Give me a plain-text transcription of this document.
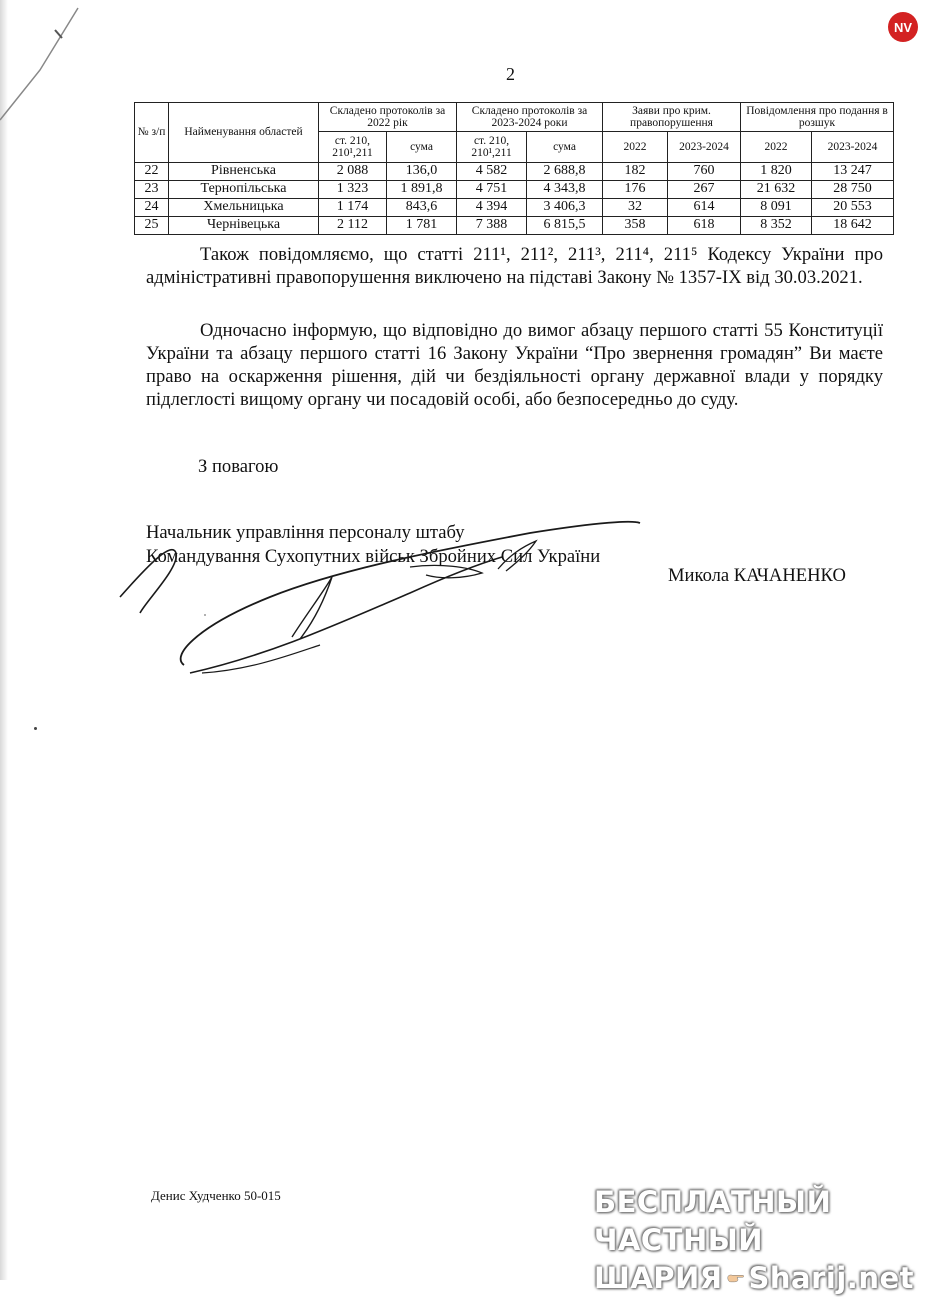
NV
2
№ з/п	Найменування областей	Складено протоколів за 2022 рік		Складено протоколів за 2023-2024 роки		Заяви про крим. правопорушення		Повідомлення про подання в розшук	
		ст. 210, 210¹,211	сума	ст. 210, 210¹,211	сума	2022	2023-2024	2022	2023-2024
22	Рівненська	2 088	136,0	4 582	2 688,8	182	760	1 820	13 247
23	Тернопільська	1 323	1 891,8	4 751	4 343,8	176	267	21 632	28 750
24	Хмельницька	1 174	843,6	4 394	3 406,3	32	614	8 091	20 553
25	Чернівецька	2 112	1 781	7 388	6 815,5	358	618	8 352	18 642

Також повідомляємо, що статті 211¹, 211², 211³, 211⁴, 211⁵ Кодексу України про адміністративні правопорушення виключено на підставі Закону № 1357-IX від 30.03.2021.

Одночасно інформую, що відповідно до вимог абзацу першого статті 55 Конституції України та абзацу першого статті 16 Закону України “Про звернення громадян” Ви маєте право на оскарження рішення, дій чи бездіяльності органу державної влади у порядку підлеглості вищому органу чи посадовій особі, або безпосередньо до суду.

З повагою
Начальник управління персоналу штабу
Командування Сухопутних військ Збройних Сил України
Микола КАЧАНЕНКО
Денис Худченко 50-015	БЕСПЛАТНЫЙ ЧАСТНЫЙ
ШАРИЯ Sharij.net
